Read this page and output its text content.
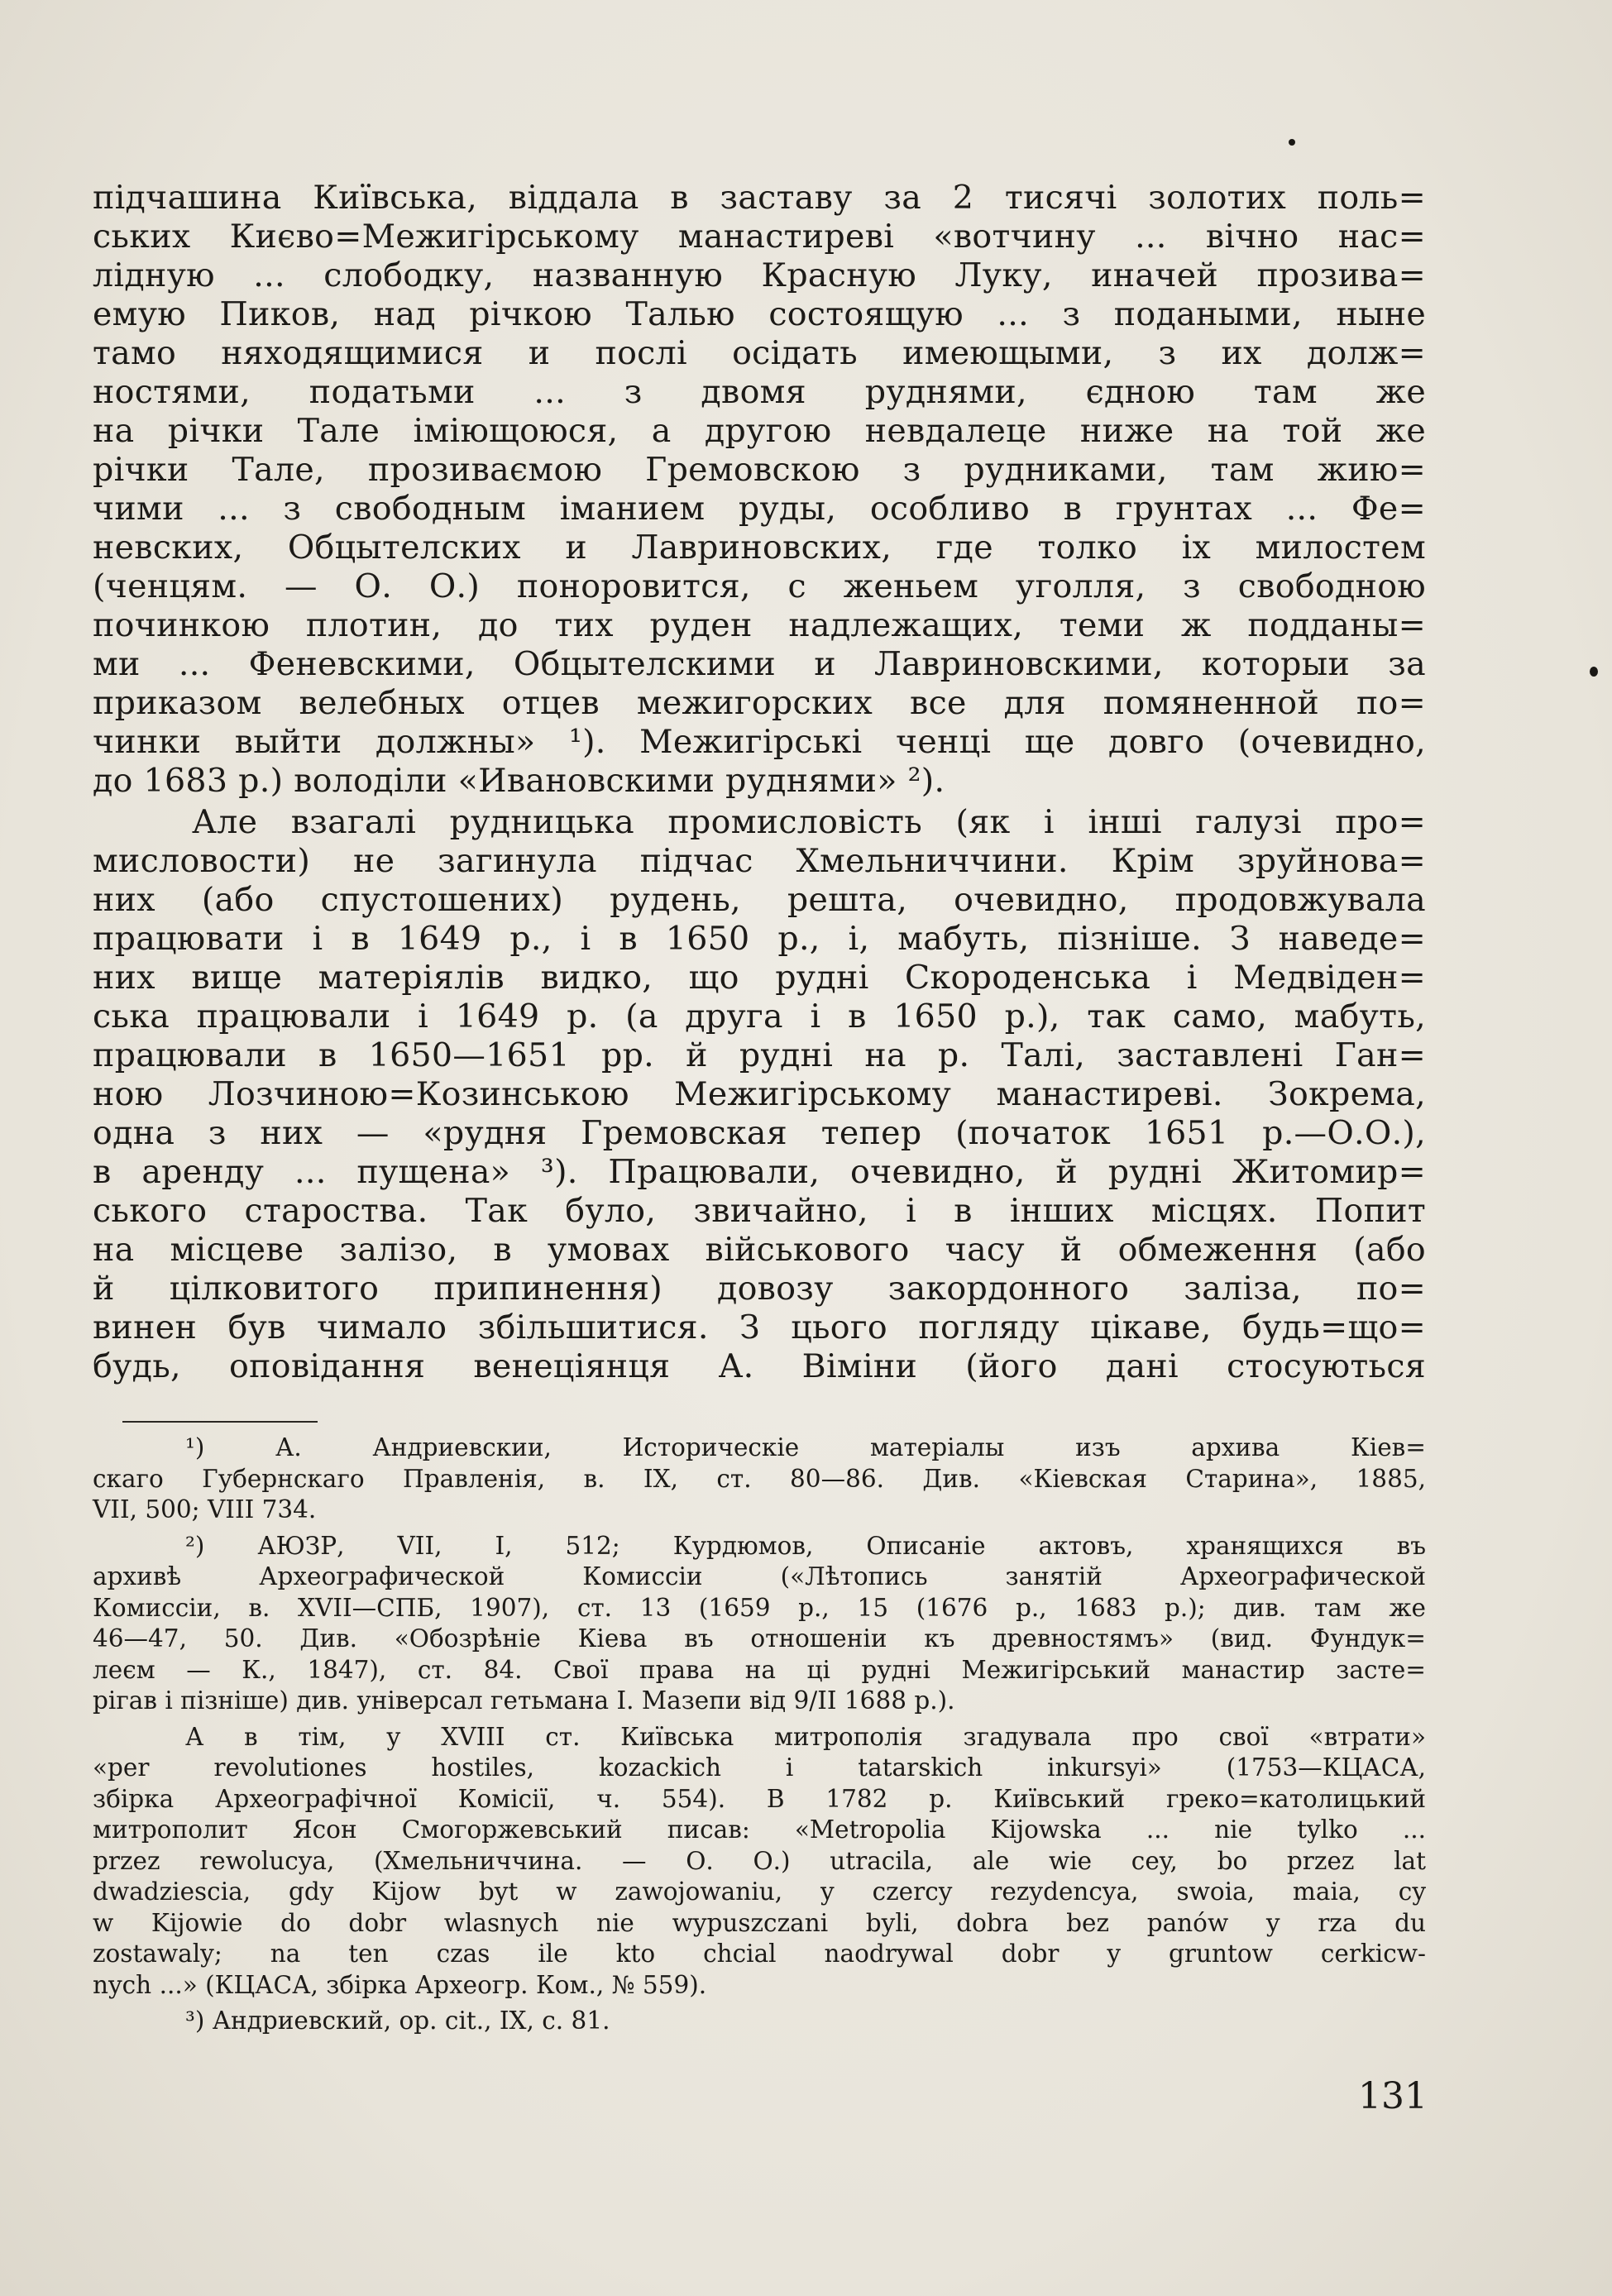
підчашина Київська, віддала в заставу за 2 тисячі золотих поль=
ських Києво=Межигірському манастиреві «вотчину ... вічно нас=
лідную ... слободку, названную Красную Луку, иначей прозива=
емую Пиков, над річкою Талью состоящую ... з подаными, ныне
тамо няходящимися и послі осідать имеющыми, з их долж=
ностями, податьми ... з двомя руднями, єдною там же
на річки Тале iміющоюся, а другою невдалеце ниже на той же
річки Тале, прозиваємою Гремовскою з рудниками, там жию=
чими ... з свободным іманием руды, особливо в грунтах ... Фе=
невских, Обцытелских и Лавриновских, где толко іх милостем
(ченцям. — О. О.) поноровится, с женьем уголля, з свободною
починкою плотин, до тих руден надлежащих, теми ж подданы=
ми ... Феневскими, Обцытелскими и Лавриновскими, которыи за
приказом велебных отцев межигорских все для помяненной по=
чинки выйти должны» ¹). Межигірські ченці ще довго (очевидно,
до 1683 р.) володіли «Ивановскими руднями» ²).
Але взагалі рудницька промисловість (як і інші галузі про=
мисловости) не загинула підчас Хмельниччини. Крім зруйнова=
них (або спустошених) рудень, решта, очевидно, продовжувала
працювати і в 1649 р., і в 1650 р., і, мабуть, пізніше. З наведе=
них вище матеріялів видко, що рудні Скороденська і Медвіден=
ська працювали і 1649 р. (а друга і в 1650 р.), так само, мабуть,
працювали в 1650—1651 рр. й рудні на р. Талі, заставлені Ган=
ною Лозчиною=Козинською Межигірському манастиреві. Зокрема,
одна з них — «рудня Гремовская тепер (початок 1651 р.—О.О.),
в аренду ... пущена» ³). Працювали, очевидно, й рудні Житомир=
ського староства. Так було, звичайно, і в інших місцях. Попит
на місцеве залізо, в умовах військового часу й обмеження (або
й цілковитого припинення) довозу закордонного заліза, по=
винен був чимало збільшитися. З цього погляду цікаве, будь=що=
будь, оповідання венеціянця А. Віміни (його дані стосуються
¹) А. Андриевскии, Историческіе матеріалы изъ архива Кіев=
скаго Губернскаго Правленія, в. IX, ст. 80—86. Див. «Кіевская Старина», 1885,
VII, 500; VIII 734.
²) АЮЗР, VII, I, 512; Курдюмов, Описаніе актовъ, хранящихся въ
архивѣ Археографической Комиссіи («Лѣтопись занятій Археографической
Комиссіи, в. XVII—СПБ, 1907), ст. 13 (1659 р., 15 (1676 р., 1683 р.); див. там же
46—47, 50. Див. «Обозрѣніе Кіева въ отношеніи къ древностямъ» (вид. Фундук=
леєм — К., 1847), ст. 84. Свої права на ці рудні Межигірський манастир засте=
рігав і пізніше) див. універсал гетьмана І. Мазепи від 9/II 1688 р.).
А в тім, у XVIII ст. Київська митрополія згадувала про свої «втрати»
«per revolutiones hostiles, kozackich i tatarskich inkursyi» (1753—КЦАСА,
збірка Археографічної Комісії, ч. 554). В 1782 р. Київський греко=католицький
митрополит Ясон Смогоржевський писав: «Metropolia Kijowska ... nie tylko ...
przez rewolucya, (Хмельниччина. — О. О.) utracila, ale wie cey, bo przez lat
dwadziescia, gdy Kijow byt w zawojowaniu, y czercy rezydencya, swoia, maia, cy
w Kijowie do dobr wlasnych nie wypuszczani byli, dobra bez panów y rza du
zostawaly; na ten czas ile kto chcial naodrywal dobr y gruntow cerkicw-
nych ...» (КЦАСА, збірка Археогр. Ком., № 559).
³) Андриевский, op. cit., IX, с. 81.
131
